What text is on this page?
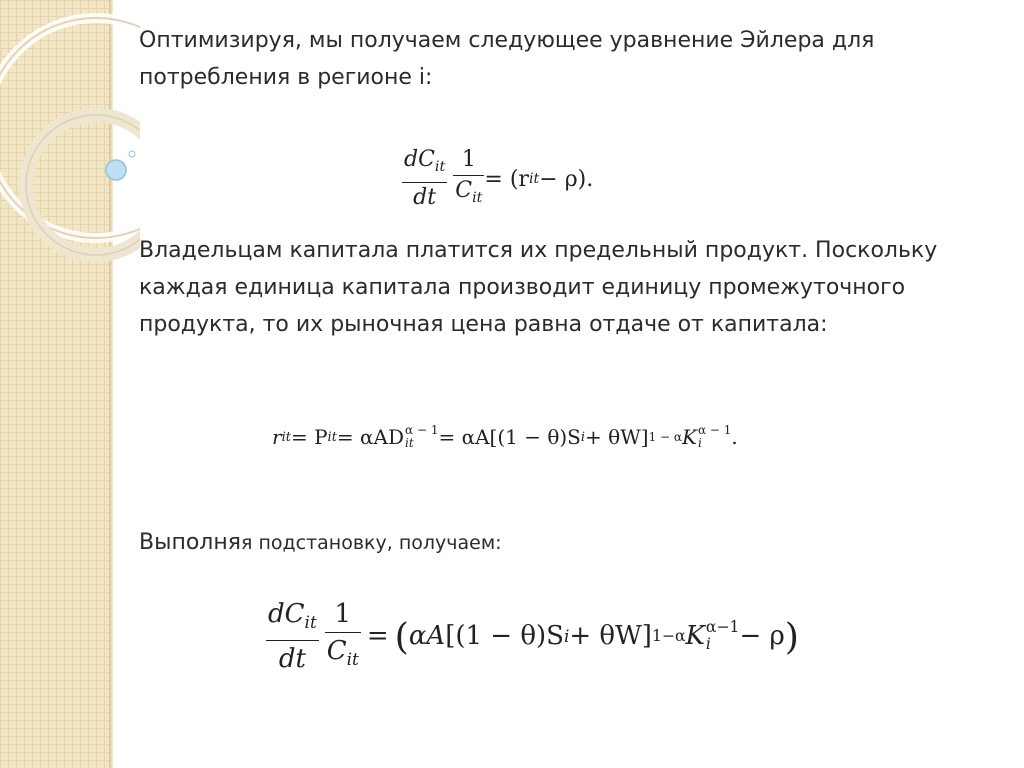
Оптимизируя, мы получаем следующее уравнение Эйлера для потребления в регионе i:

$\frac{dC_{it}}{dt} \frac{1}{C_{it}} = (r$ it − ρ).

Владельцам капитала платится их предельный продукт. Поскольку каждая единица капитала производит единицу промежуточного продукта, то их рыночная цена равна отдаче от капитала:

r it = P it = αAD α − 1
it	= αA[(1 − θ)S i + θW] 1 − α K α − 1
i	.

Выполняя подстановку, получаем:

$\frac{dC_{it}}{dt} \frac{1}{C_{it}}$ = ( αA [(1 − θ)S i + θW] 1−α K α−1
i	− ρ )
